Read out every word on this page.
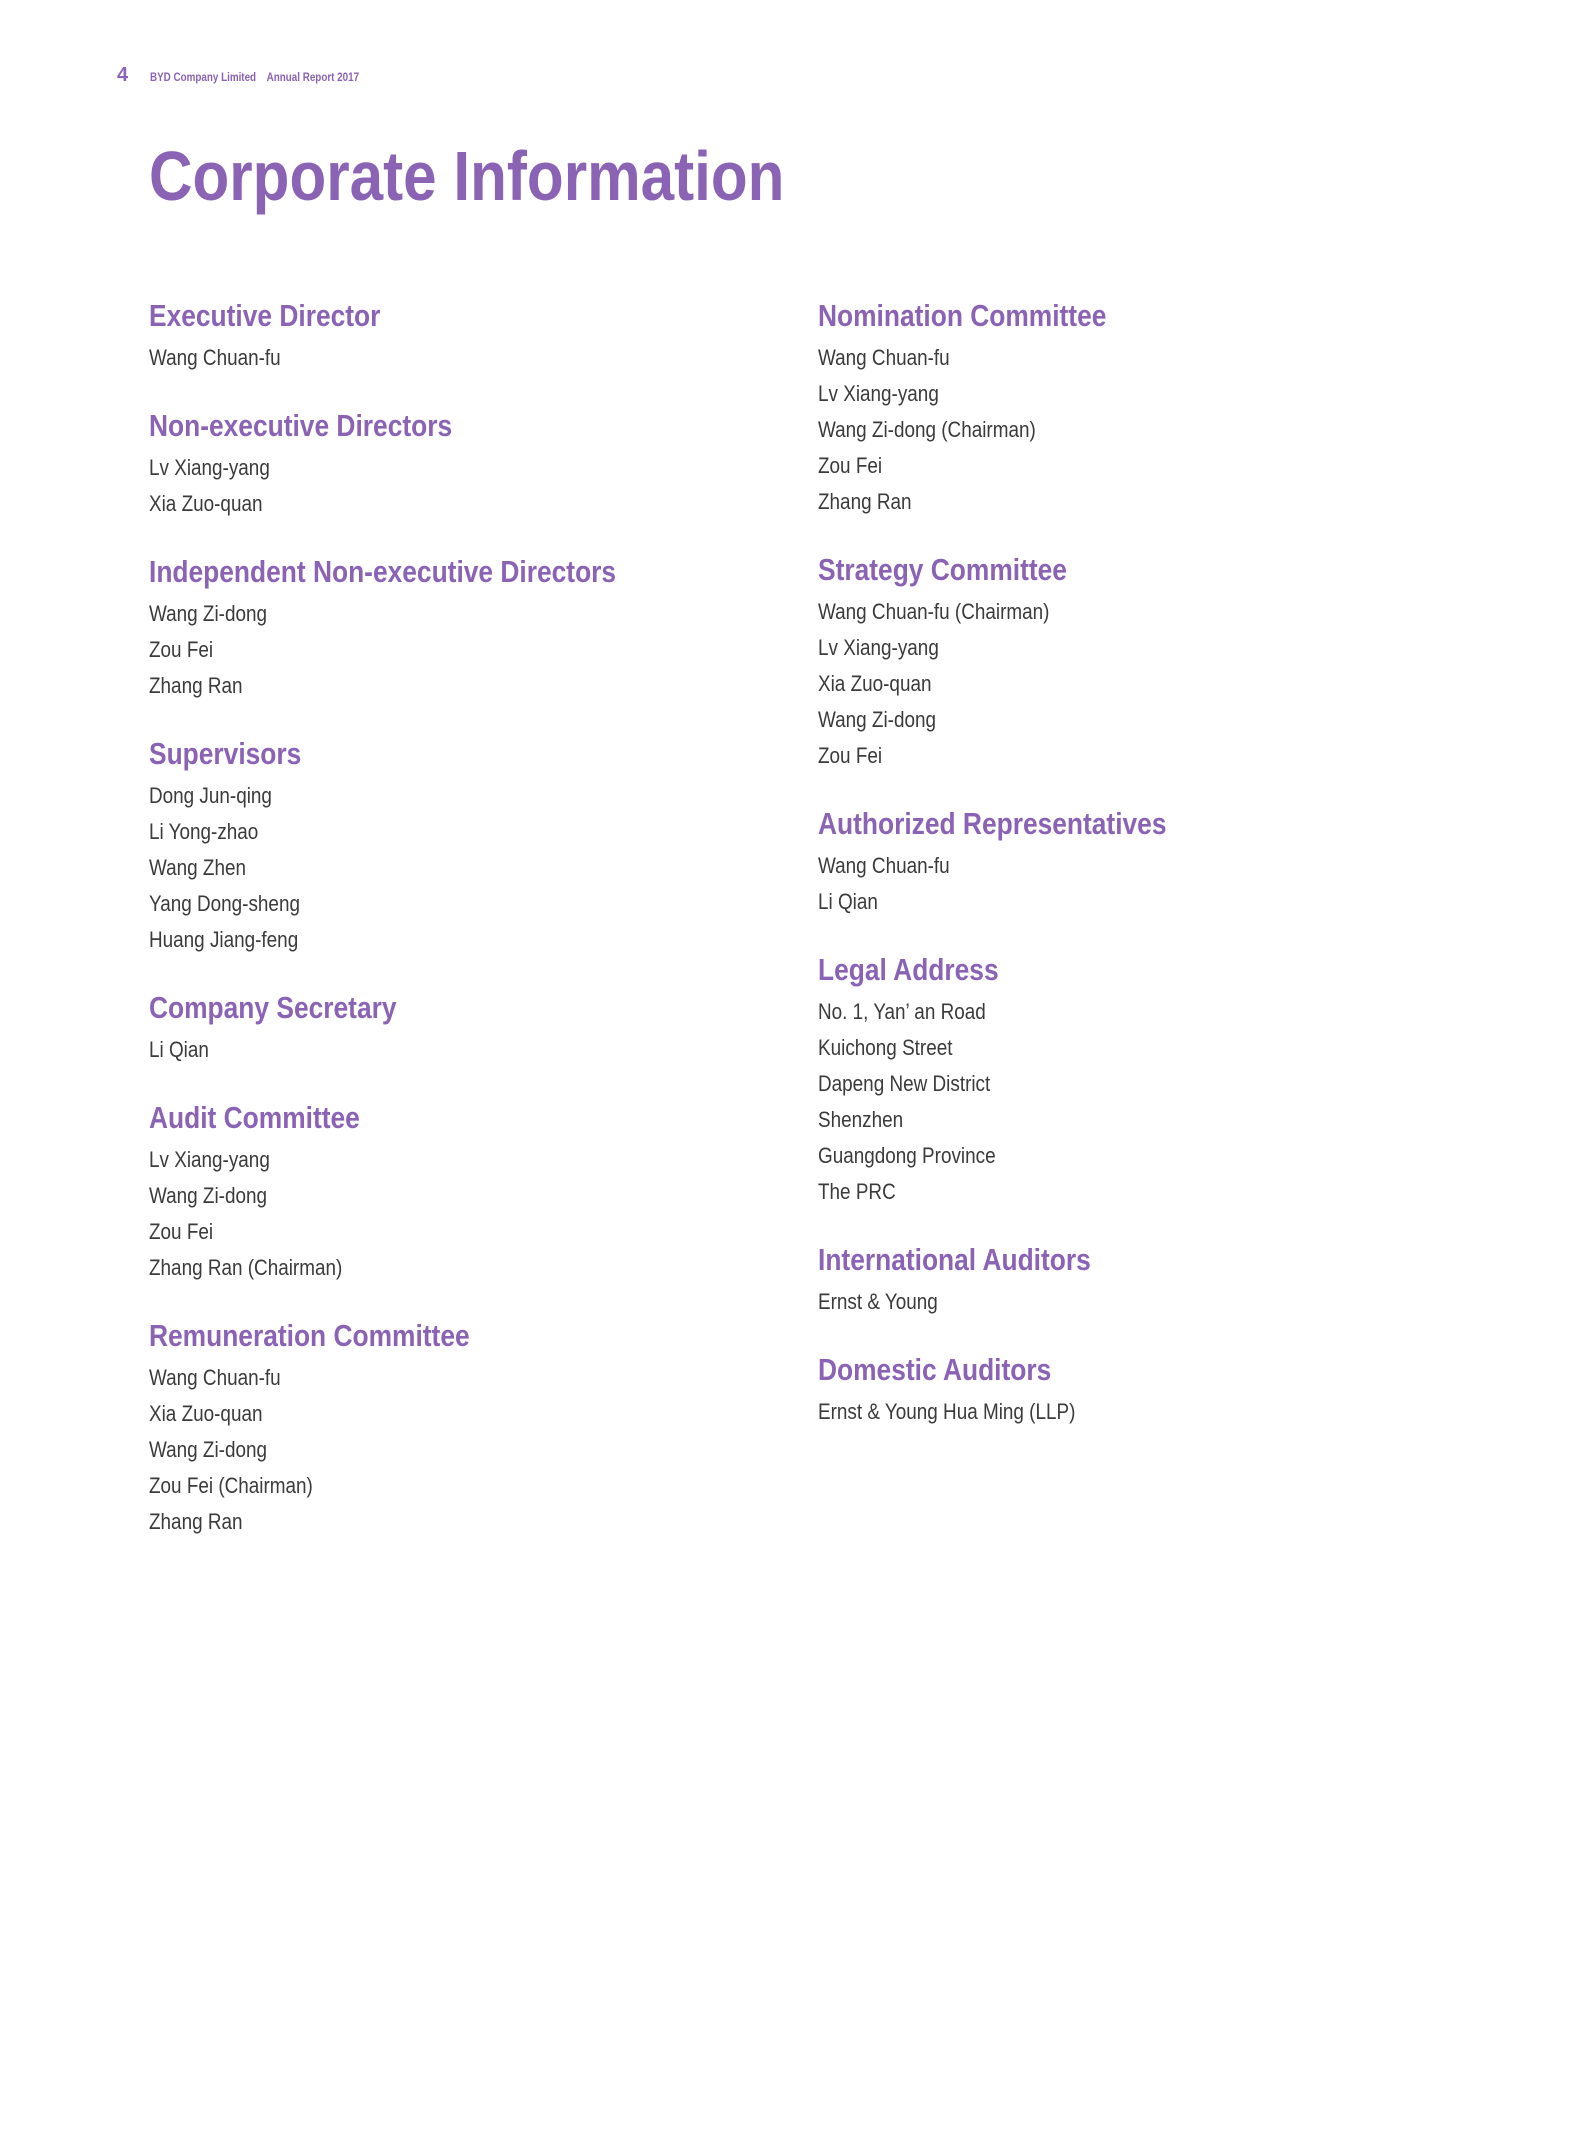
4 BYD Company Limited Annual Report 2017
Corporate Information
Executive Director
Wang Chuan-fu
Non-executive Directors
Lv Xiang-yang
Xia Zuo-quan
Independent Non-executive Directors
Wang Zi-dong
Zou Fei
Zhang Ran
Supervisors
Dong Jun-qing
Li Yong-zhao
Wang Zhen
Yang Dong-sheng
Huang Jiang-feng
Company Secretary
Li Qian
Audit Committee
Lv Xiang-yang
Wang Zi-dong
Zou Fei
Zhang Ran (Chairman)
Remuneration Committee
Wang Chuan-fu
Xia Zuo-quan
Wang Zi-dong
Zou Fei (Chairman)
Zhang Ran
Nomination Committee
Wang Chuan-fu
Lv Xiang-yang
Wang Zi-dong (Chairman)
Zou Fei
Zhang Ran
Strategy Committee
Wang Chuan-fu (Chairman)
Lv Xiang-yang
Xia Zuo-quan
Wang Zi-dong
Zou Fei
Authorized Representatives
Wang Chuan-fu
Li Qian
Legal Address
No. 1, Yan’ an Road
Kuichong Street
Dapeng New District
Shenzhen
Guangdong Province
The PRC
International Auditors
Ernst & Young
Domestic Auditors
Ernst & Young Hua Ming (LLP)
